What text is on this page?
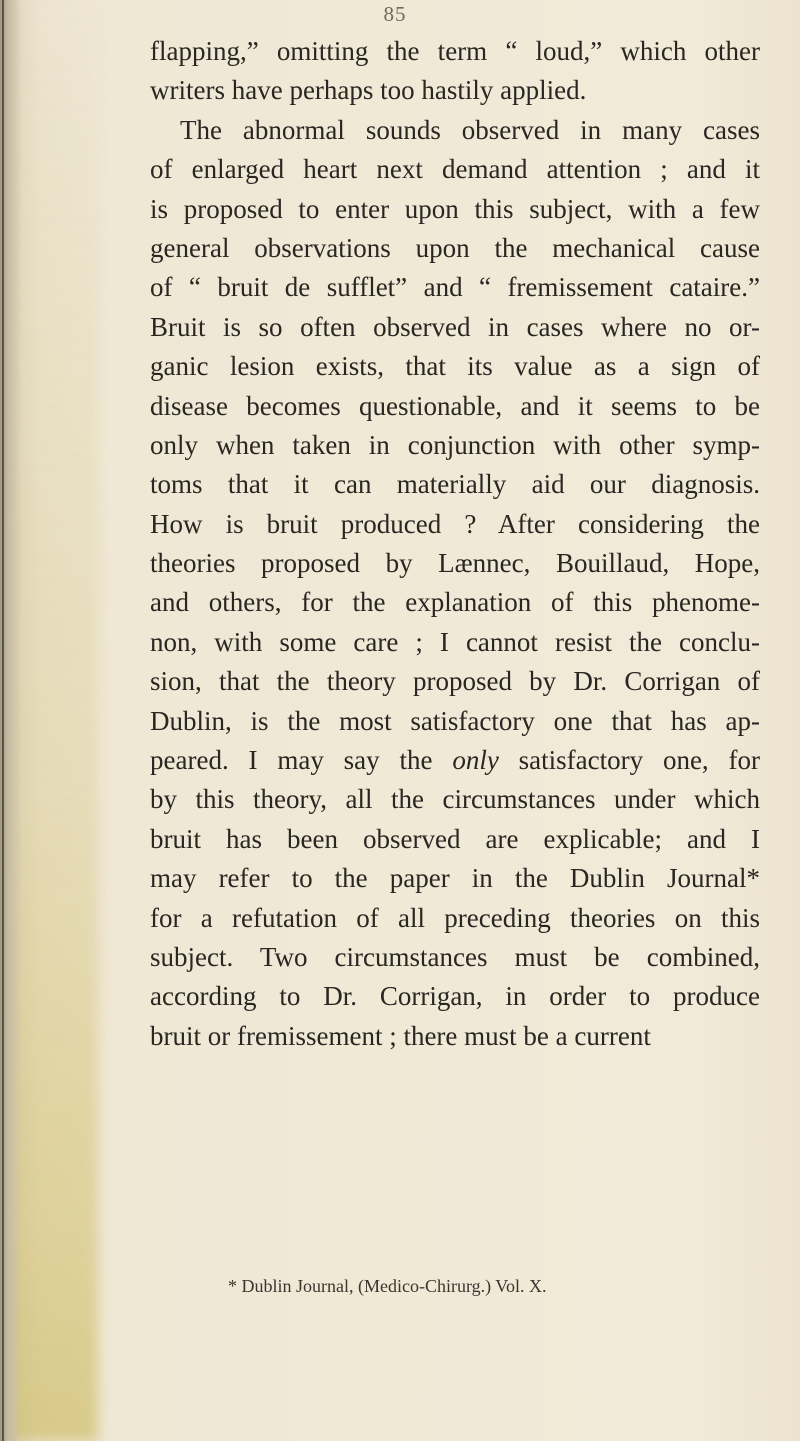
85
flapping,” omitting the term “ loud,” which other
writers have perhaps too hastily applied.
The abnormal sounds observed in many cases
of enlarged heart next demand attention ; and it
is proposed to enter upon this subject, with a few
general observations upon the mechanical cause
of “ bruit de sufflet” and “ fremissement cataire.”
Bruit is so often observed in cases where no or-
ganic lesion exists, that its value as a sign of
disease becomes questionable, and it seems to be
only when taken in conjunction with other symp-
toms that it can materially aid our diagnosis.
How is bruit produced ? After considering the
theories proposed by Lænnec, Bouillaud, Hope,
and others, for the explanation of this phenome-
non, with some care ; I cannot resist the conclu-
sion, that the theory proposed by Dr. Corrigan of
Dublin, is the most satisfactory one that has ap-
peared. I may say the only satisfactory one, for
by this theory, all the circumstances under which
bruit has been observed are explicable; and I
may refer to the paper in the Dublin Journal*
for a refutation of all preceding theories on this
subject. Two circumstances must be combined,
according to Dr. Corrigan, in order to produce
bruit or fremissement ; there must be a current
* Dublin Journal, (Medico-Chirurg.) Vol. X.
